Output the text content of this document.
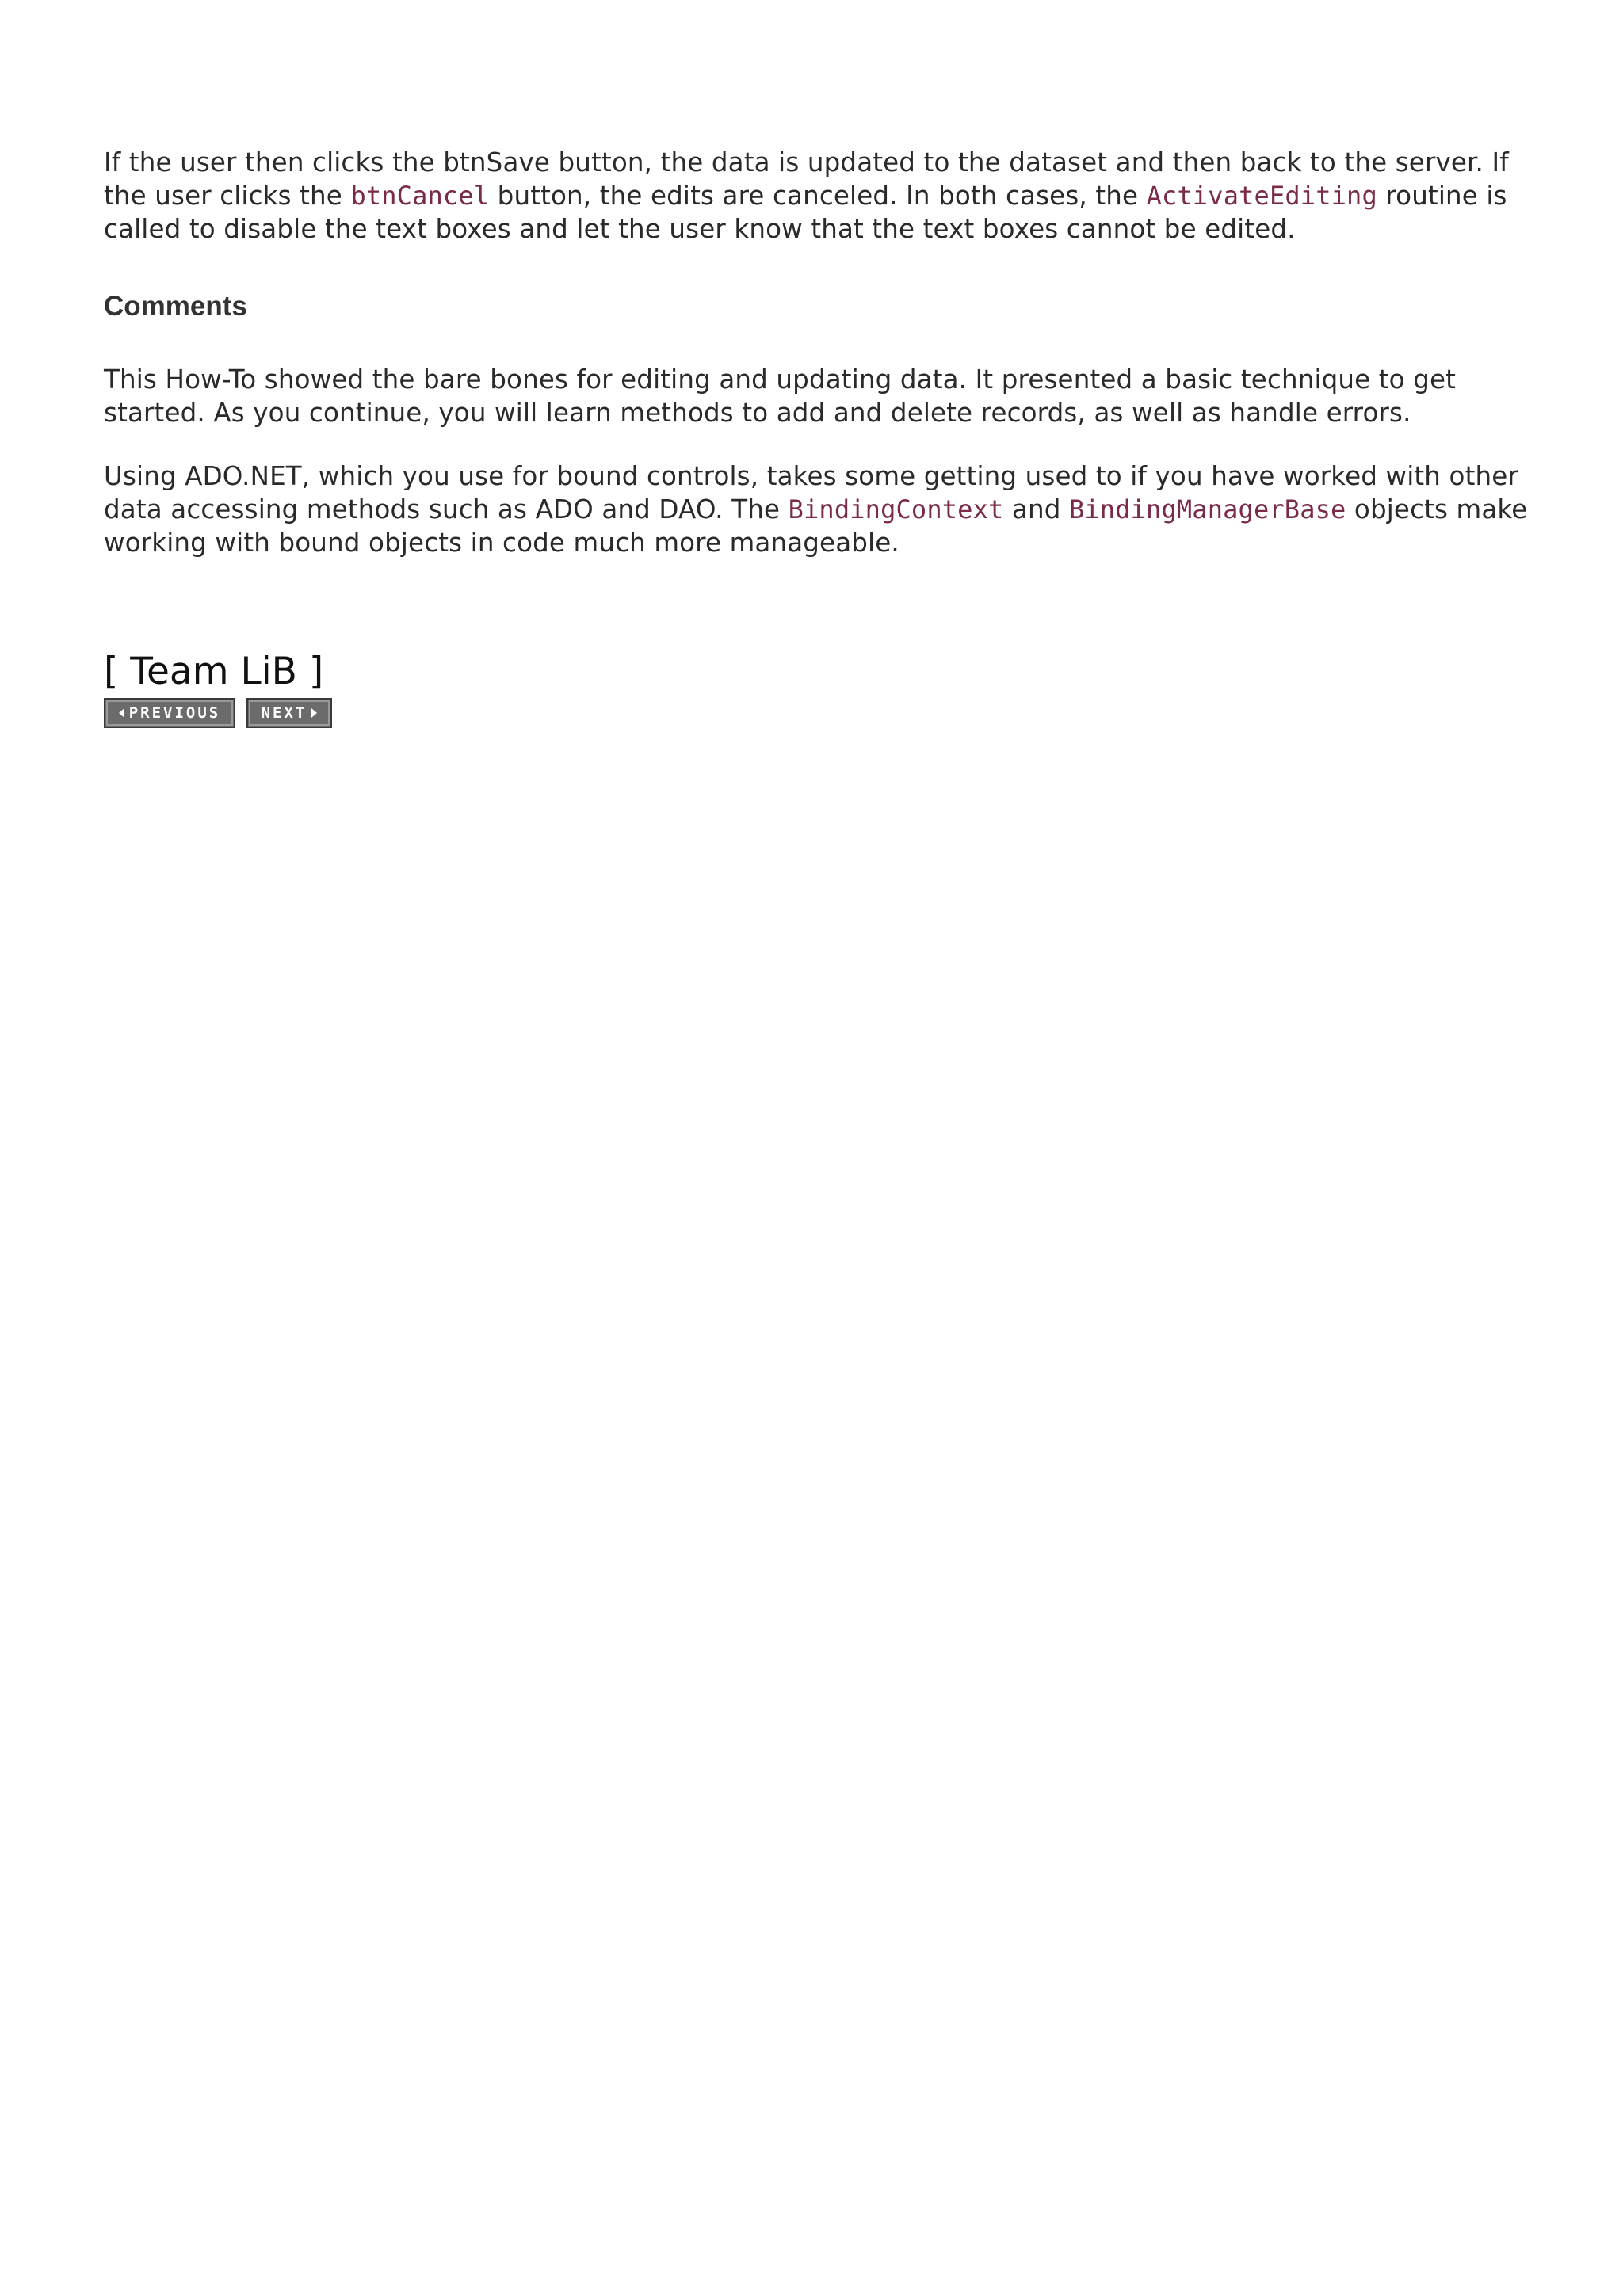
If the user then clicks the btnSave button, the data is updated to the dataset and then back to the server. If the user clicks the btnCancel button, the edits are canceled. In both cases, the ActivateEditing routine is called to disable the text boxes and let the user know that the text boxes cannot be edited.

Comments

This How-To showed the bare bones for editing and updating data. It presented a basic technique to get started. As you continue, you will learn methods to add and delete records, as well as handle errors.

Using ADO.NET, which you use for bound controls, takes some getting used to if you have worked with other data accessing methods such as ADO and DAO. The BindingContext and BindingManagerBase objects make working with bound objects in code much more manageable.

[ Team LiB ]
PREVIOUS	NEXT
